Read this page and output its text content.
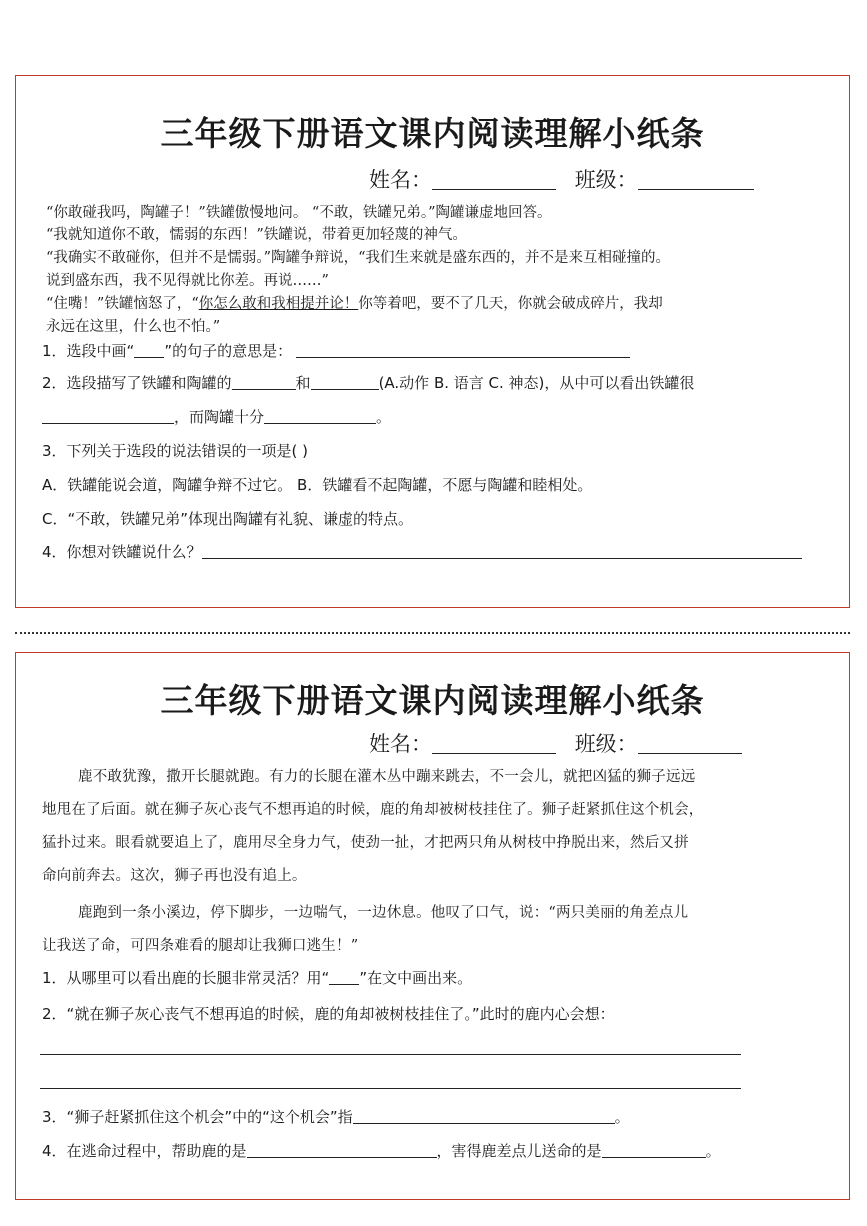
三年级下册语文课内阅读理解小纸条
姓名：	班级：
“你敢碰我吗，陶罐子！”铁罐傲慢地问。 “不敢，铁罐兄弟。”陶罐谦虚地回答。
“我就知道你不敢，懦弱的东西！”铁罐说，带着更加轻蔑的神气。
“我确实不敢碰你，但并不是懦弱。”陶罐争辩说，“我们生来就是盛东西的，并不是来互相碰撞的。
说到盛东西，我不见得就比你差。再说……”
“住嘴！”铁罐恼怒了，“你怎么敢和我相提并论！你等着吧，要不了几天，你就会破成碎片，我却
永远在这里，什么也不怕。”
1．选段中画“ ”的句子的意思是：
2．选段描写了铁罐和陶罐的	和	(A.动作 B. 语言 C. 神态)，从中可以看出铁罐很
，而陶罐十分	。
3．下列关于选段的说法错误的一项是( )
A．铁罐能说会道，陶罐争辩不过它。 B．铁罐看不起陶罐，不愿与陶罐和睦相处。
C．“不敢，铁罐兄弟”体现出陶罐有礼貌、谦虚的特点。
4．你想对铁罐说什么？
三年级下册语文课内阅读理解小纸条
姓名：	班级：
鹿不敢犹豫，撒开长腿就跑。有力的长腿在灌木丛中蹦来跳去，不一会儿，就把凶猛的狮子远远
地甩在了后面。就在狮子灰心丧气不想再追的时候，鹿的角却被树枝挂住了。狮子赶紧抓住这个机会，
猛扑过来。眼看就要追上了，鹿用尽全身力气，使劲一扯，才把两只角从树枝中挣脱出来，然后又拼
命向前奔去。这次，狮子再也没有追上。
鹿跑到一条小溪边，停下脚步，一边喘气，一边休息。他叹了口气，说：“两只美丽的角差点儿
让我送了命，可四条难看的腿却让我狮口逃生！”
1．从哪里可以看出鹿的长腿非常灵活？用“ ”在文中画出来。
2．“就在狮子灰心丧气不想再追的时候，鹿的角却被树枝挂住了。”此时的鹿内心会想：
3．“狮子赶紧抓住这个机会”中的“这个机会”指	。
4．在逃命过程中，帮助鹿的是	，害得鹿差点儿送命的是	。
